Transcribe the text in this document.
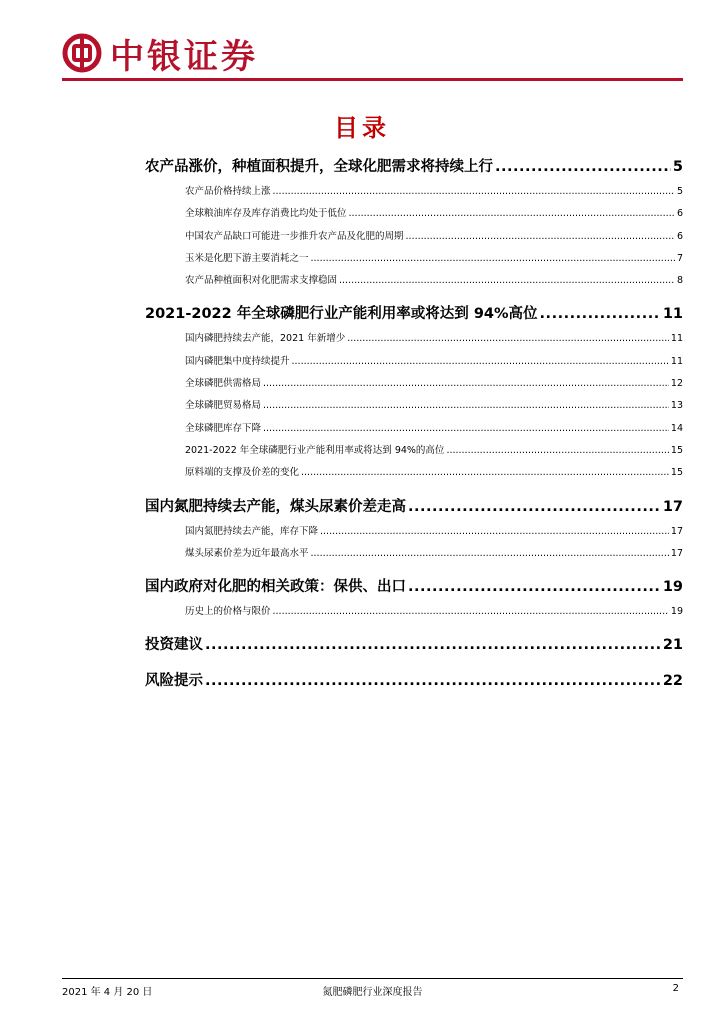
中银证券
目录
农产品涨价，种植面积提升，全球化肥需求将持续上行 .....	5
农产品价格持续上涨 .....	5
全球粮油库存及库存消费比均处于低位 .....	6
中国农产品缺口可能进一步推升农产品及化肥的周期 .....	6
玉米是化肥下游主要消耗之一 .....	7
农产品种植面积对化肥需求支撑稳固 .....	8
2021-2022 年全球磷肥行业产能利用率或将达到 94%高位 .....	11
国内磷肥持续去产能，2021 年新增少 .....	11
国内磷肥集中度持续提升 .....	11
全球磷肥供需格局 .....	12
全球磷肥贸易格局 .....	13
全球磷肥库存下降 .....	14
2021-2022 年全球磷肥行业产能利用率或将达到 94%的高位 .....	15
原料端的支撑及价差的变化 .....	15
国内氮肥持续去产能，煤头尿素价差走高 .....	17
国内氮肥持续去产能，库存下降 .....	17
煤头尿素价差为近年最高水平 .....	17
国内政府对化肥的相关政策：保供、出口 .....	19
历史上的价格与限价 .....	19
投资建议 .....	21
风险提示 .....	22
2021 年 4 月 20 日	氮肥磷肥行业深度报告	2
